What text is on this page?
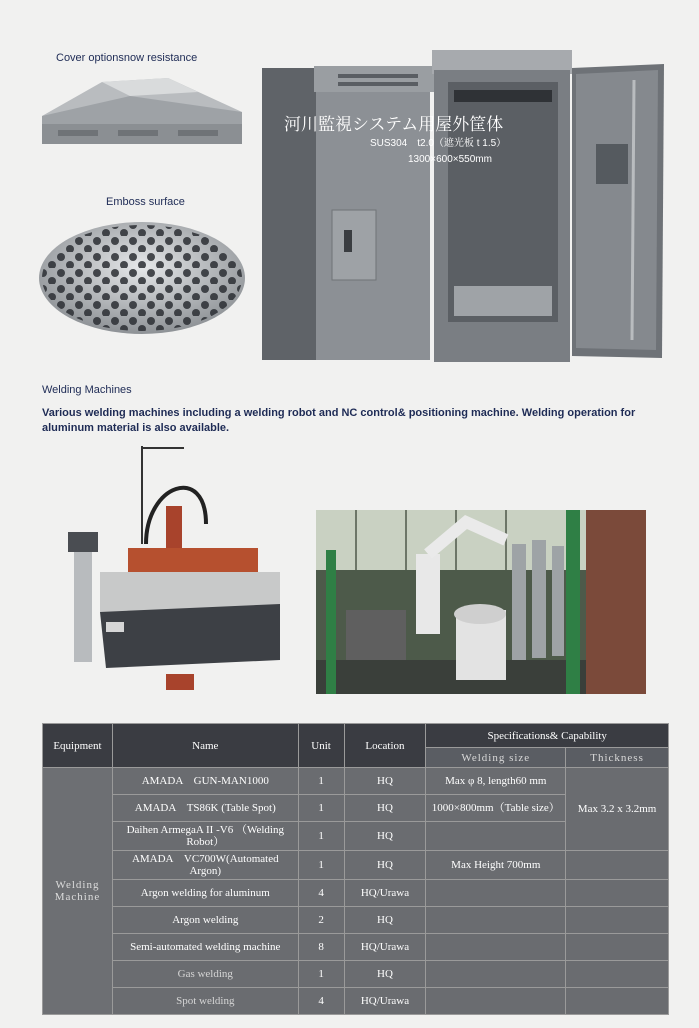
Cover optionsnow resistance
Emboss surface
河川監視システム用屋外筐体
SUS304　t2.0（遮光板 t 1.5）
1300×600×550mm
Welding Machines
Various welding machines including a welding robot and NC control& positioning machine. Welding operation for aluminum material is also available.
Equipment	Name	Unit	Location	Specifications& Capability	
				Welding size	Thickness
Welding Machine	AMADA　GUN-MAN1000	1	HQ	Max φ 8, length60 mm	Max 3.2 x 3.2mm
	AMADA　TS86K (Table Spot)	1	HQ	1000×800mm（Table size）	
	Daihen ArmegaA II -V6 （Welding Robot）	1	HQ		
	AMADA　VC700W(Automated Argon)	1	HQ	Max Height 700mm	
	Argon welding for aluminum	4	HQ/Urawa		
	Argon welding	2	HQ		
	Semi-automated welding machine	8	HQ/Urawa		
	Gas welding	1	HQ		
	Spot welding	4	HQ/Urawa		
